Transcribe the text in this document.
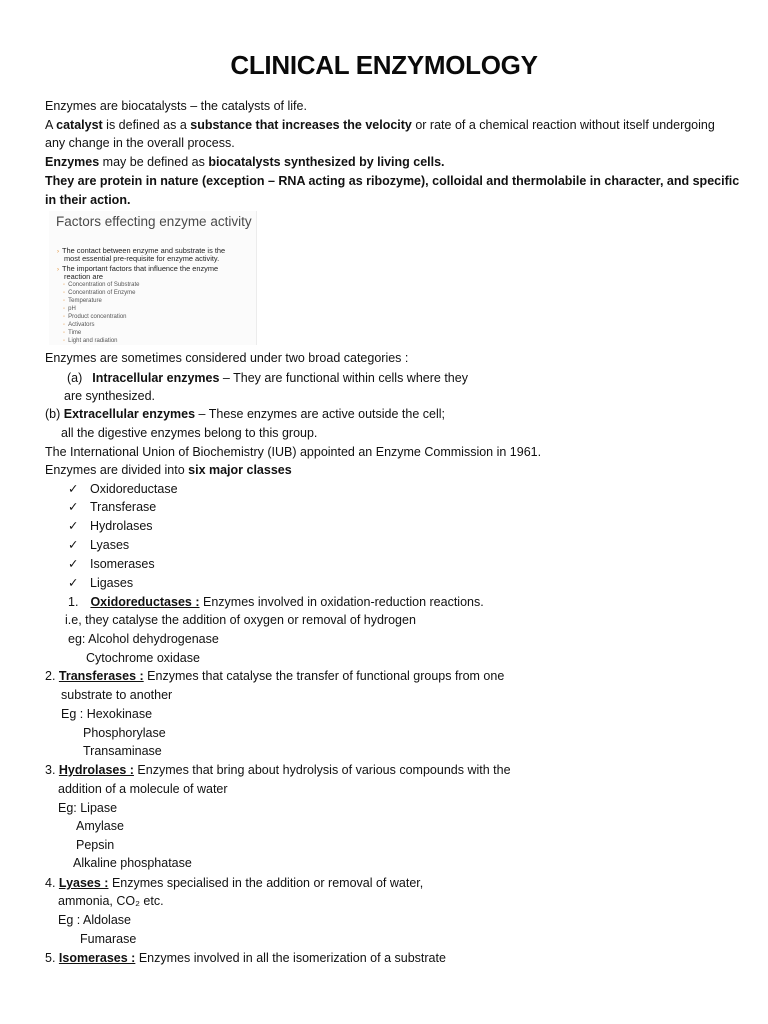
CLINICAL ENZYMOLOGY
Enzymes are biocatalysts – the catalysts of life.
A catalyst is defined as a substance that increases the velocity or rate of a chemical reaction without itself undergoing
any change in the overall process.
Enzymes may be defined as biocatalysts synthesized by living cells.
They are protein in nature (exception – RNA acting as ribozyme), colloidal and thermolabile in character, and specific
in their action.
Factors effecting enzyme activity
› The contact between enzyme and substrate is the
most essential pre-requisite for enzyme activity.
› The important factors that influence the enzyme
reaction are
◦ Concentration of Substrate
◦ Concentration of Enzyme
◦ Temperature
◦ pH
◦ Product concentration
◦ Activators
◦ Time
◦ Light and radiation
Enzymes are sometimes considered under two broad categories :
(a) Intracellular enzymes – They are functional within cells where they
are synthesized.
(b) Extracellular enzymes – These enzymes are active outside the cell;
all the digestive enzymes belong to this group.
The International Union of Biochemistry (IUB) appointed an Enzyme Commission in 1961.
Enzymes are divided into six major classes
✓ Oxidoreductase
✓ Transferase
✓ Hydrolases
✓ Lyases
✓ Isomerases
✓ Ligases
1. Oxidoreductases : Enzymes involved in oxidation-reduction reactions.
i.e, they catalyse the addition of oxygen or removal of hydrogen
eg: Alcohol dehydrogenase
Cytochrome oxidase
2. Transferases : Enzymes that catalyse the transfer of functional groups from one
substrate to another
Eg : Hexokinase
Phosphorylase
Transaminase
3. Hydrolases : Enzymes that bring about hydrolysis of various compounds with the
addition of a molecule of water
Eg: Lipase
Amylase
Pepsin
Alkaline phosphatase
4. Lyases : Enzymes specialised in the addition or removal of water,
ammonia, CO₂ etc.
Eg : Aldolase
Fumarase
5. Isomerases : Enzymes involved in all the isomerization of a substrate
